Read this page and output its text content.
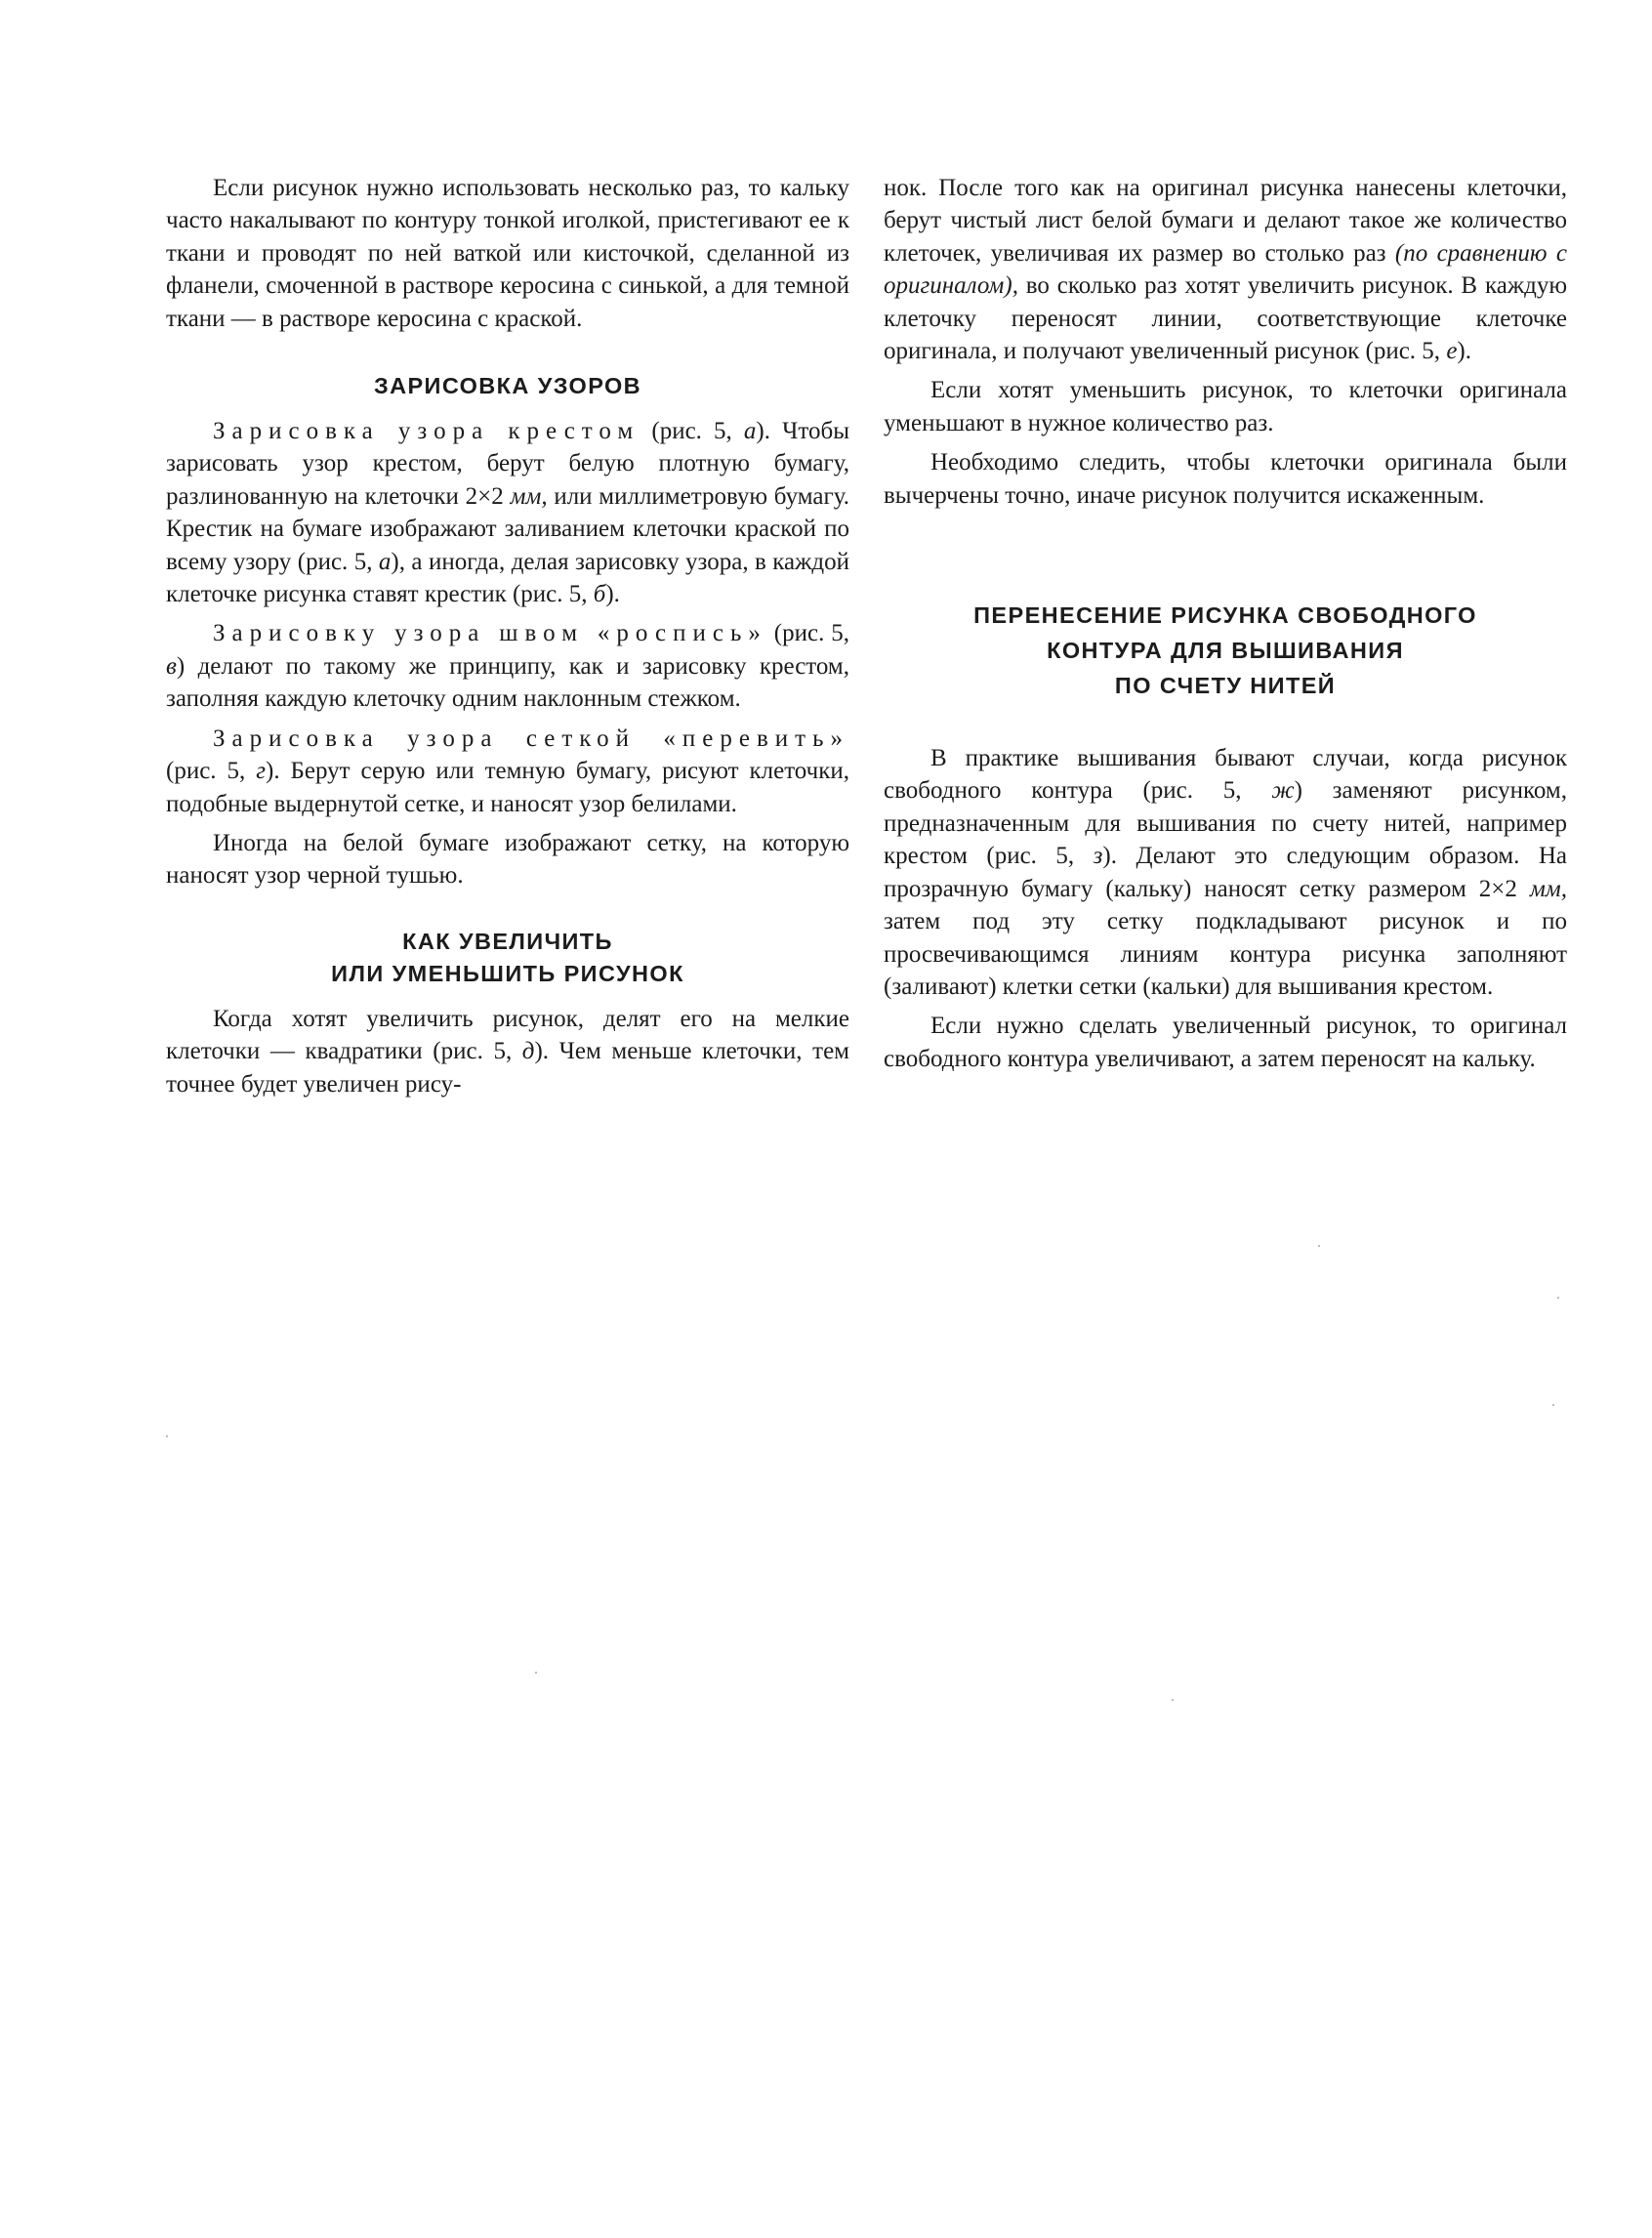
Если рисунок нужно использовать несколько раз, то кальку часто накалывают по контуру тонкой иголкой, пристегивают ее к ткани и проводят по ней ваткой или кисточкой, сделанной из фланели, смоченной в растворе керосина с синькой, а для темной ткани — в растворе керосина с краской.

ЗАРИСОВКА УЗОРОВ

Зарисовка узора крестом (рис. 5, а). Чтобы зарисовать узор крестом, берут белую плотную бумагу, разлинованную на клеточки 2×2 мм, или миллиметровую бумагу. Крестик на бумаге изображают заливанием клеточки краской по всему узору (рис. 5, а), а иногда, делая зарисовку узора, в каждой клеточке рисунка ставят крестик (рис. 5, б).

Зарисовку узора швом «роспись» (рис. 5, в) делают по такому же принципу, как и зарисовку крестом, заполняя каждую клеточку одним наклонным стежком.

Зарисовка узора сеткой «перевить» (рис. 5, г). Берут серую или темную бумагу, рисуют клеточки, подобные выдернутой сетке, и наносят узор белилами.

Иногда на белой бумаге изображают сетку, на которую наносят узор черной тушью.

КАК УВЕЛИЧИТЬ
ИЛИ УМЕНЬШИТЬ РИСУНОК

Когда хотят увеличить рисунок, делят его на мелкие клеточки — квадратики (рис. 5, д). Чем меньше клеточки, тем точнее будет увеличен рису-

нок. После того как на оригинал рисунка нанесены клеточки, берут чистый лист белой бумаги и делают такое же количество клеточек, увеличивая их размер во столько раз (по сравнению с оригиналом), во сколько раз хотят увеличить рисунок. В каждую клеточку переносят линии, соответствующие клеточке оригинала, и получают увеличенный рисунок (рис. 5, е).

Если хотят уменьшить рисунок, то клеточки оригинала уменьшают в нужное количество раз.

Необходимо следить, чтобы клеточки оригинала были вычерчены точно, иначе рисунок получится искаженным.

ПЕРЕНЕСЕНИЕ РИСУНКА СВОБОДНОГО
КОНТУРА ДЛЯ ВЫШИВАНИЯ
ПО СЧЕТУ НИТЕЙ

В практике вышивания бывают случаи, когда рисунок свободного контура (рис. 5, ж) заменяют рисунком, предназначенным для вышивания по счету нитей, например крестом (рис. 5, з). Делают это следующим образом. На прозрачную бумагу (кальку) наносят сетку размером 2×2 мм, затем под эту сетку подкладывают рисунок и по просвечивающимся линиям контура рисунка заполняют (заливают) клетки сетки (кальки) для вышивания крестом.

Если нужно сделать увеличенный рисунок, то оригинал свободного контура увеличивают, а затем переносят на кальку.
